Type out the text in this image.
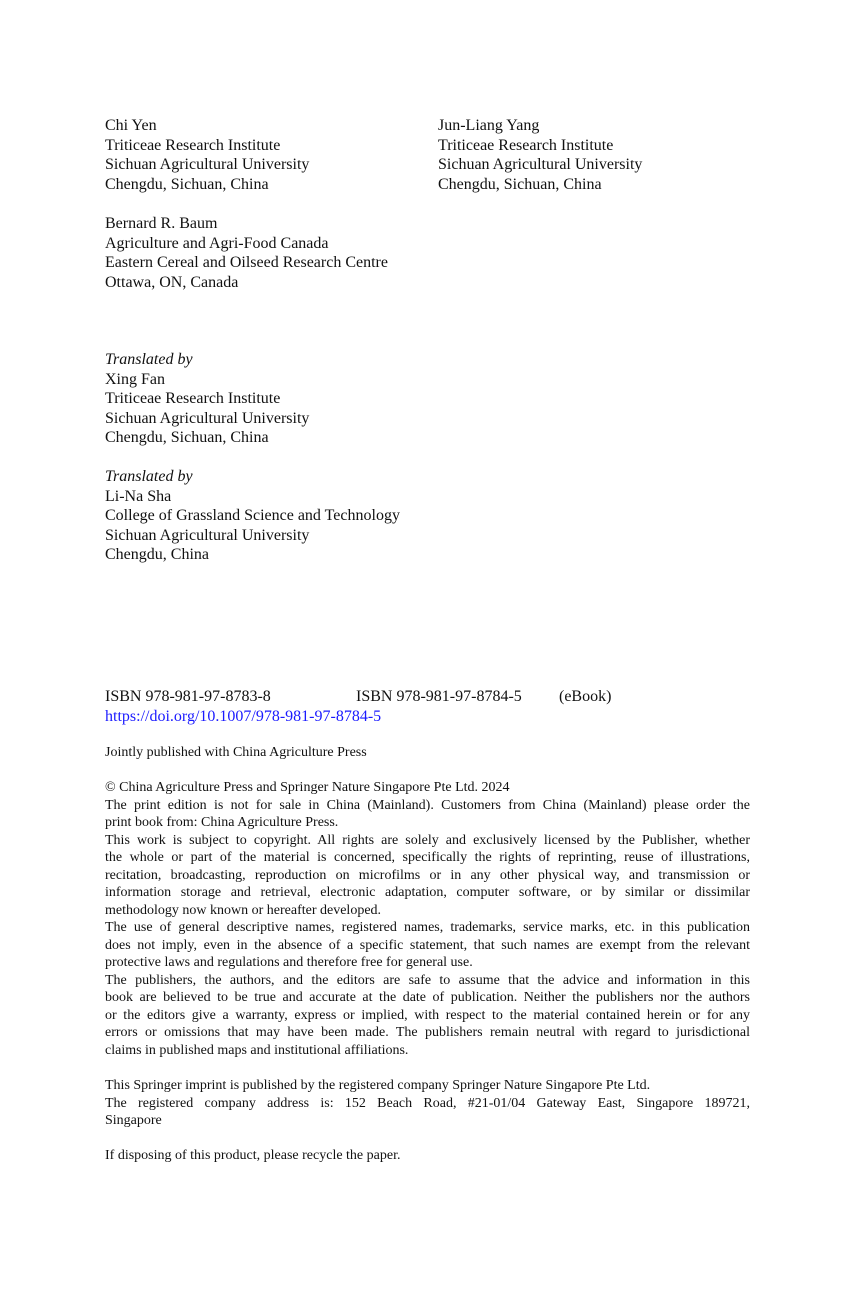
Chi Yen
Triticeae Research Institute
Sichuan Agricultural University
Chengdu, Sichuan, China
Jun-Liang Yang
Triticeae Research Institute
Sichuan Agricultural University
Chengdu, Sichuan, China
Bernard R. Baum
Agriculture and Agri-Food Canada
Eastern Cereal and Oilseed Research Centre
Ottawa, ON, Canada
Translated by
Xing Fan
Triticeae Research Institute
Sichuan Agricultural University
Chengdu, Sichuan, China
Translated by
Li-Na Sha
College of Grassland Science and Technology
Sichuan Agricultural University
Chengdu, China
ISBN 978-981-97-8783-8	ISBN 978-981-97-8784-5 (eBook)
https://doi.org/10.1007/978-981-97-8784-5
Jointly published with China Agriculture Press
© China Agriculture Press and Springer Nature Singapore Pte Ltd. 2024
The print edition is not for sale in China (Mainland). Customers from China (Mainland) please order the
print book from: China Agriculture Press.
This work is subject to copyright. All rights are solely and exclusively licensed by the Publisher, whether
the whole or part of the material is concerned, specifically the rights of reprinting, reuse of illustrations,
recitation, broadcasting, reproduction on microfilms or in any other physical way, and transmission or
information storage and retrieval, electronic adaptation, computer software, or by similar or dissimilar
methodology now known or hereafter developed.
The use of general descriptive names, registered names, trademarks, service marks, etc. in this publication
does not imply, even in the absence of a specific statement, that such names are exempt from the relevant
protective laws and regulations and therefore free for general use.
The publishers, the authors, and the editors are safe to assume that the advice and information in this
book are believed to be true and accurate at the date of publication. Neither the publishers nor the authors
or the editors give a warranty, express or implied, with respect to the material contained herein or for any
errors or omissions that may have been made. The publishers remain neutral with regard to jurisdictional
claims in published maps and institutional affiliations.
This Springer imprint is published by the registered company Springer Nature Singapore Pte Ltd.
The registered company address is: 152 Beach Road, #21-01/04 Gateway East, Singapore 189721,
Singapore
If disposing of this product, please recycle the paper.
